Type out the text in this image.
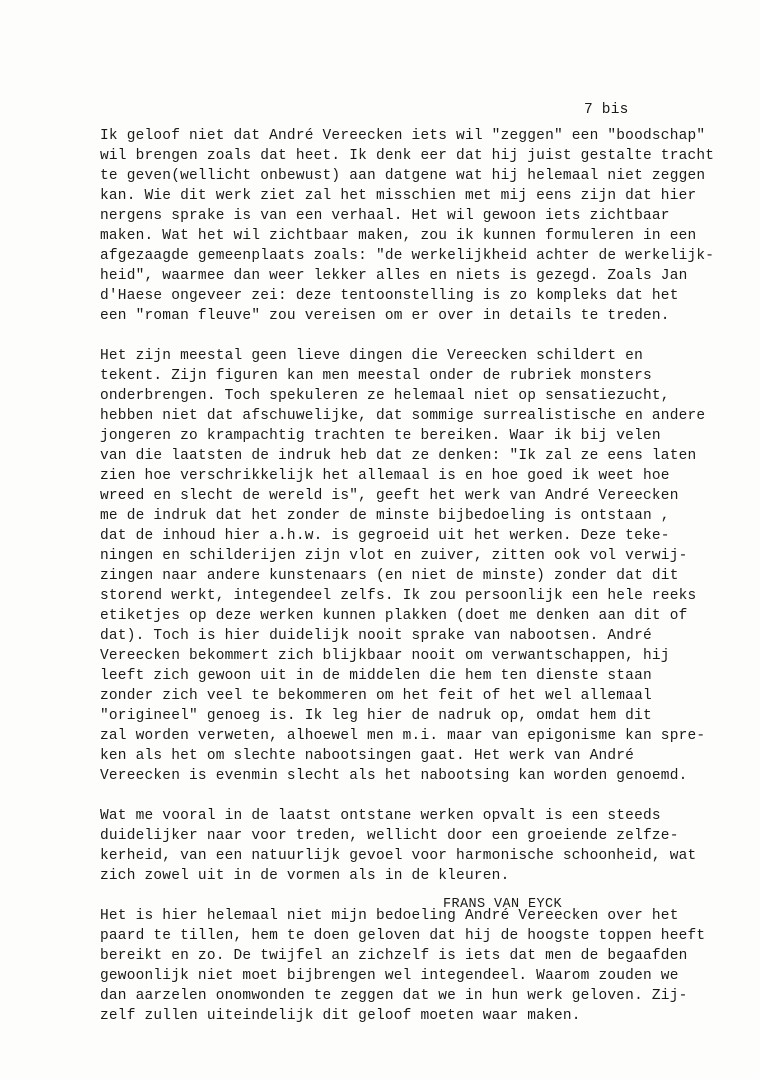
7 bis
Ik geloof niet dat André Vereecken iets wil "zeggen" een "boodschap"
wil brengen zoals dat heet. Ik denk eer dat hij juist gestalte tracht
te geven(wellicht onbewust) aan datgene wat hij helemaal niet zeggen
kan. Wie dit werk ziet zal het misschien met mij eens zijn dat hier
nergens sprake is van een verhaal. Het wil gewoon iets zichtbaar
maken. Wat het wil zichtbaar maken, zou ik kunnen formuleren in een
afgezaagde gemeenplaats zoals: "de werkelijkheid achter de werkelijk-
heid", waarmee dan weer lekker alles en niets is gezegd. Zoals Jan
d'Haese ongeveer zei: deze tentoonstelling is zo kompleks dat het
een "roman fleuve" zou vereisen om er over in details te treden.
Het zijn meestal geen lieve dingen die Vereecken schildert en
tekent. Zijn figuren kan men meestal onder de rubriek monsters
onderbrengen. Toch spekuleren ze helemaal niet op sensatiezucht,
hebben niet dat afschuwelijke, dat sommige surrealistische en andere
jongeren zo krampachtig trachten te bereiken. Waar ik bij velen
van die laatsten de indruk heb dat ze denken: "Ik zal ze eens laten
zien hoe verschrikkelijk het allemaal is en hoe goed ik weet hoe
wreed en slecht de wereld is", geeft het werk van André Vereecken
me de indruk dat het zonder de minste bijbedoeling is ontstaan ,
dat de inhoud hier a.h.w. is gegroeid uit het werken. Deze teke-
ningen en schilderijen zijn vlot en zuiver, zitten ook vol verwij-
zingen naar andere kunstenaars (en niet de minste) zonder dat dit
storend werkt, integendeel zelfs. Ik zou persoonlijk een hele reeks
etiketjes op deze werken kunnen plakken (doet me denken aan dit of
dat). Toch is hier duidelijk nooit sprake van nabootsen. André
Vereecken bekommert zich blijkbaar nooit om verwantschappen, hij
leeft zich gewoon uit in de middelen die hem ten dienste staan
zonder zich veel te bekommeren om het feit of het wel allemaal
"origineel" genoeg is. Ik leg hier de nadruk op, omdat hem dit
zal worden verweten, alhoewel men m.i. maar van epigonisme kan spre-
ken als het om slechte nabootsingen gaat. Het werk van André
Vereecken is evenmin slecht als het nabootsing kan worden genoemd.
Wat me vooral in de laatst ontstane werken opvalt is een steeds
duidelijker naar voor treden, wellicht door een groeiende zelfze-
kerheid, van een natuurlijk gevoel voor harmonische schoonheid, wat
zich zowel uit in de vormen als in de kleuren.
Het is hier helemaal niet mijn bedoeling André Vereecken over het
paard te tillen, hem te doen geloven dat hij de hoogste toppen heeft
bereikt en zo. De twijfel an zichzelf is iets dat men de begaafden
gewoonlijk niet moet bijbrengen wel integendeel. Waarom zouden we
dan aarzelen onomwonden te zeggen dat we in hun werk geloven. Zij-
zelf zullen uiteindelijk dit geloof moeten waar maken.
FRANS VAN EYCK
